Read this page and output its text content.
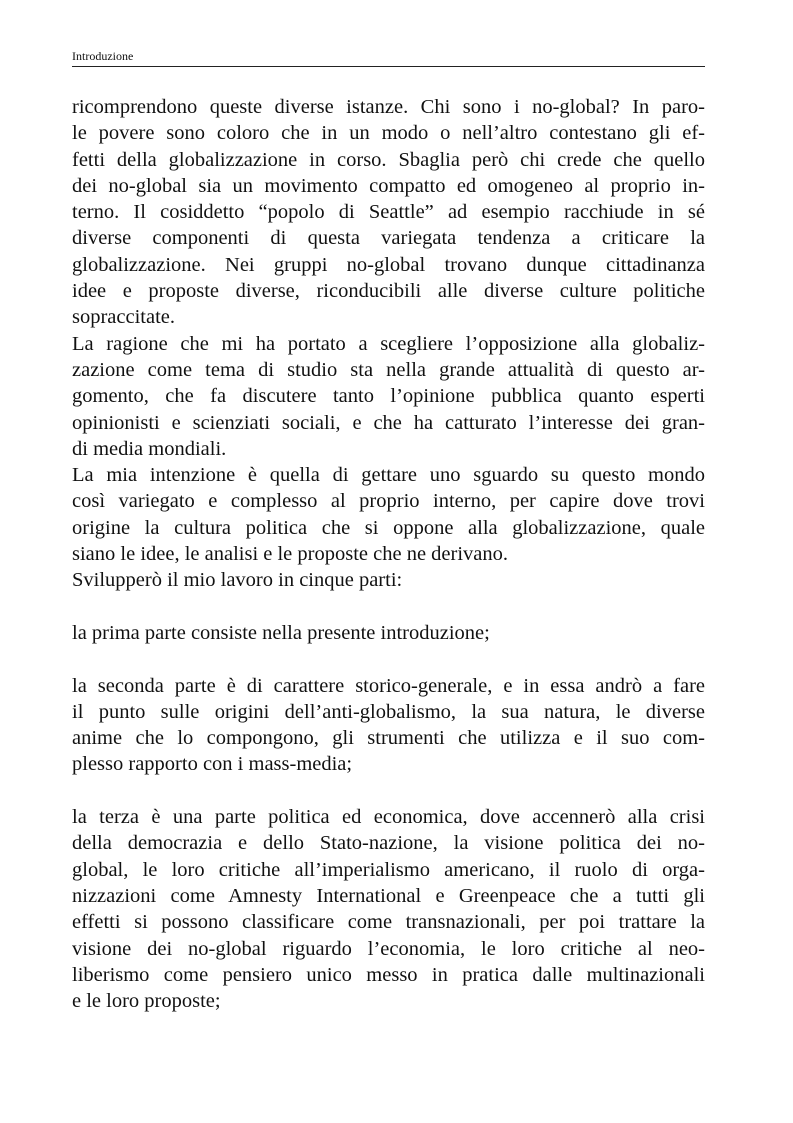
Introduzione
ricomprendono queste diverse istanze. Chi sono i no-global? In paro-
le povere sono coloro che in un modo o nell’altro contestano gli ef-
fetti della globalizzazione in corso. Sbaglia però chi crede che quello
dei no-global sia un movimento compatto ed omogeneo al proprio in-
terno. Il cosiddetto “popolo di Seattle” ad esempio racchiude in sé
diverse componenti di questa variegata tendenza a criticare la
globalizzazione. Nei gruppi no-global trovano dunque cittadinanza
idee e proposte diverse, riconducibili alle diverse culture politiche
sopraccitate.
La ragione che mi ha portato a scegliere l’opposizione alla globaliz-
zazione come tema di studio sta nella grande attualità di questo ar-
gomento, che fa discutere tanto l’opinione pubblica quanto esperti
opinionisti e scienziati sociali, e che ha catturato l’interesse dei gran-
di media mondiali.
La mia intenzione è quella di gettare uno sguardo su questo mondo
così variegato e complesso al proprio interno, per capire dove trovi
origine la cultura politica che si oppone alla globalizzazione, quale
siano le idee, le analisi e le proposte che ne derivano.
Svilupperò il mio lavoro in cinque parti:
la prima parte consiste nella presente introduzione;
la seconda parte è di carattere storico-generale, e in essa andrò a fare
il punto sulle origini dell’anti-globalismo, la sua natura, le diverse
anime che lo compongono, gli strumenti che utilizza e il suo com-
plesso rapporto con i mass-media;
la terza è una parte politica ed economica, dove accennerò alla crisi
della democrazia e dello Stato-nazione, la visione politica dei no-
global, le loro critiche all’imperialismo americano, il ruolo di orga-
nizzazioni come Amnesty International e Greenpeace che a tutti gli
effetti si possono classificare come transnazionali, per poi trattare la
visione dei no-global riguardo l’economia, le loro critiche al neo-
liberismo come pensiero unico messo in pratica dalle multinazionali
e le loro proposte;
